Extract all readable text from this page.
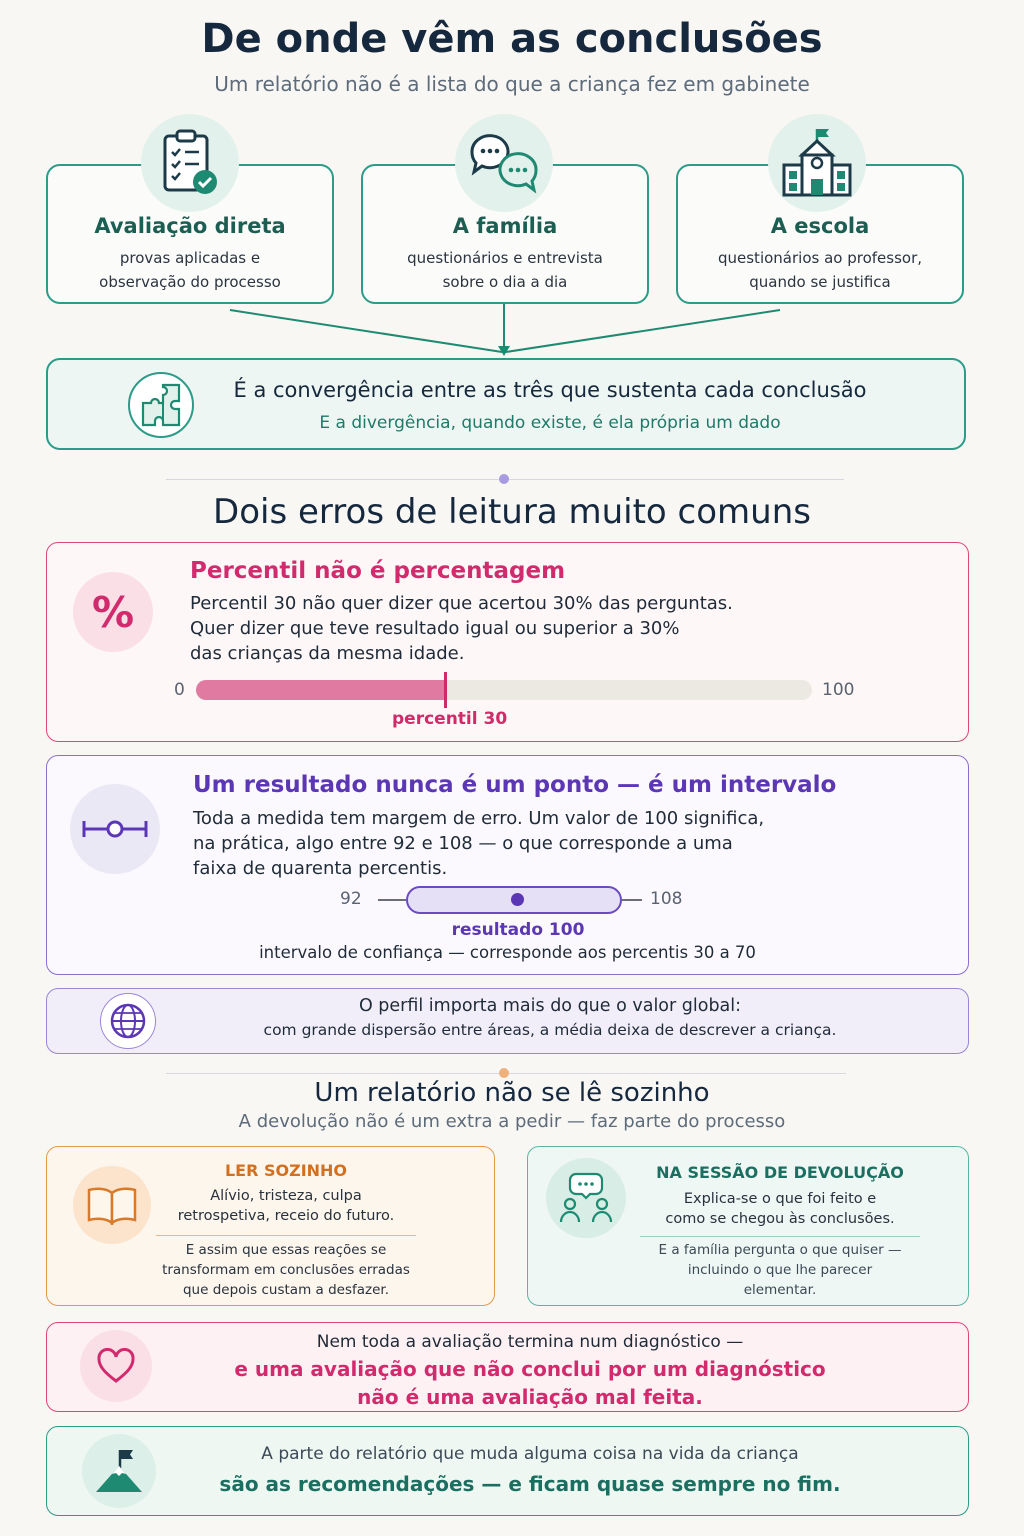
De onde vêm as conclusões
Um relatório não é a lista do que a criança fez em gabinete
Avaliação direta
provas aplicadas e
observação do processo
A família
questionários e entrevista
sobre o dia a dia
A escola
questionários ao professor,
quando se justifica
É a convergência entre as três que sustenta cada conclusão
E a divergência, quando existe, é ela própria um dado
Dois erros de leitura muito comuns
%
Percentil não é percentagem
Percentil 30 não quer dizer que acertou 30% das perguntas.
Quer dizer que teve resultado igual ou superior a 30%
das crianças da mesma idade.
0	100
percentil 30
Um resultado nunca é um ponto — é um intervalo
Toda a medida tem margem de erro. Um valor de 100 significa,
na prática, algo entre 92 e 108 — o que corresponde a uma
faixa de quarenta percentis.
92	108
resultado 100
intervalo de confiança — corresponde aos percentis 30 a 70
O perfil importa mais do que o valor global:
com grande dispersão entre áreas, a média deixa de descrever a criança.
Um relatório não se lê sozinho
A devolução não é um extra a pedir — faz parte do processo
LER SOZINHO
Alívio, tristeza, culpa
retrospetiva, receio do futuro.
E assim que essas reações se
transformam em conclusões erradas
que depois custam a desfazer.
NA SESSÃO DE DEVOLUÇÃO
Explica-se o que foi feito e
como se chegou às conclusões.
E a família pergunta o que quiser —
incluindo o que lhe parecer
elementar.
Nem toda a avaliação termina num diagnóstico —
e uma avaliação que não conclui por um diagnóstico
não é uma avaliação mal feita.
A parte do relatório que muda alguma coisa na vida da criança
são as recomendações — e ficam quase sempre no fim.
